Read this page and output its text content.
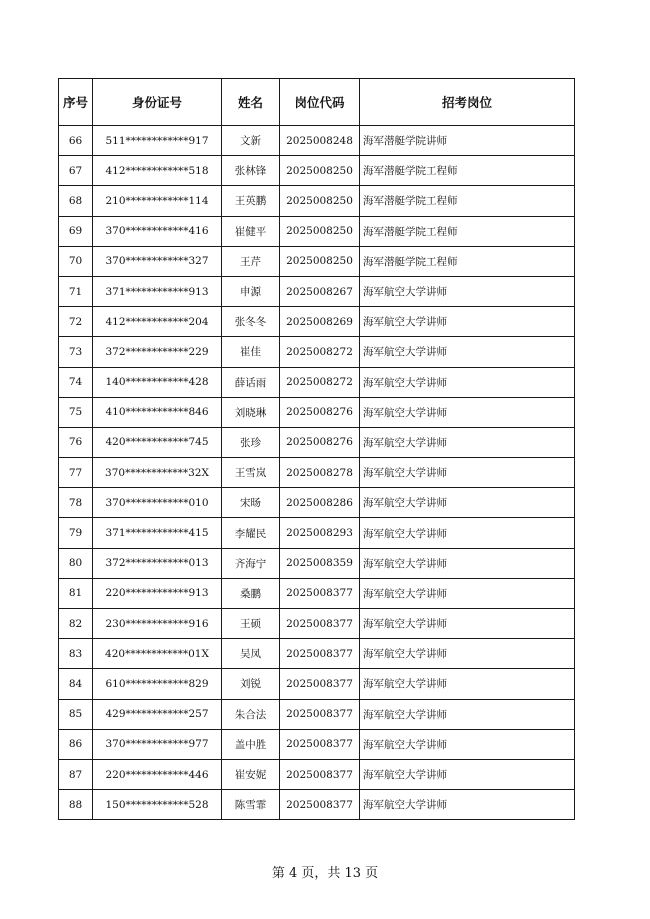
序号	身份证号	姓名	岗位代码	招考岗位
66	511************917	文新	2025008248	海军潜艇学院讲师
67	412************518	张林锋	2025008250	海军潜艇学院工程师
68	210************114	王英鹏	2025008250	海军潜艇学院工程师
69	370************416	崔健平	2025008250	海军潜艇学院工程师
70	370************327	王芹	2025008250	海军潜艇学院工程师
71	371************913	申源	2025008267	海军航空大学讲师
72	412************204	张冬冬	2025008269	海军航空大学讲师
73	372************229	崔佳	2025008272	海军航空大学讲师
74	140************428	薛话雨	2025008272	海军航空大学讲师
75	410************846	刘晓琳	2025008276	海军航空大学讲师
76	420************745	张珍	2025008276	海军航空大学讲师
77	370************32X	王雪岚	2025008278	海军航空大学讲师
78	370************010	宋旸	2025008286	海军航空大学讲师
79	371************415	李耀民	2025008293	海军航空大学讲师
80	372************013	齐海宁	2025008359	海军航空大学讲师
81	220************913	桑鹏	2025008377	海军航空大学讲师
82	230************916	王硕	2025008377	海军航空大学讲师
83	420************01X	吴凤	2025008377	海军航空大学讲师
84	610************829	刘锐	2025008377	海军航空大学讲师
85	429************257	朱合法	2025008377	海军航空大学讲师
86	370************977	盖中胜	2025008377	海军航空大学讲师
87	220************446	崔安妮	2025008377	海军航空大学讲师
88	150************528	陈雪霏	2025008377	海军航空大学讲师
第 4 页，共 13 页
